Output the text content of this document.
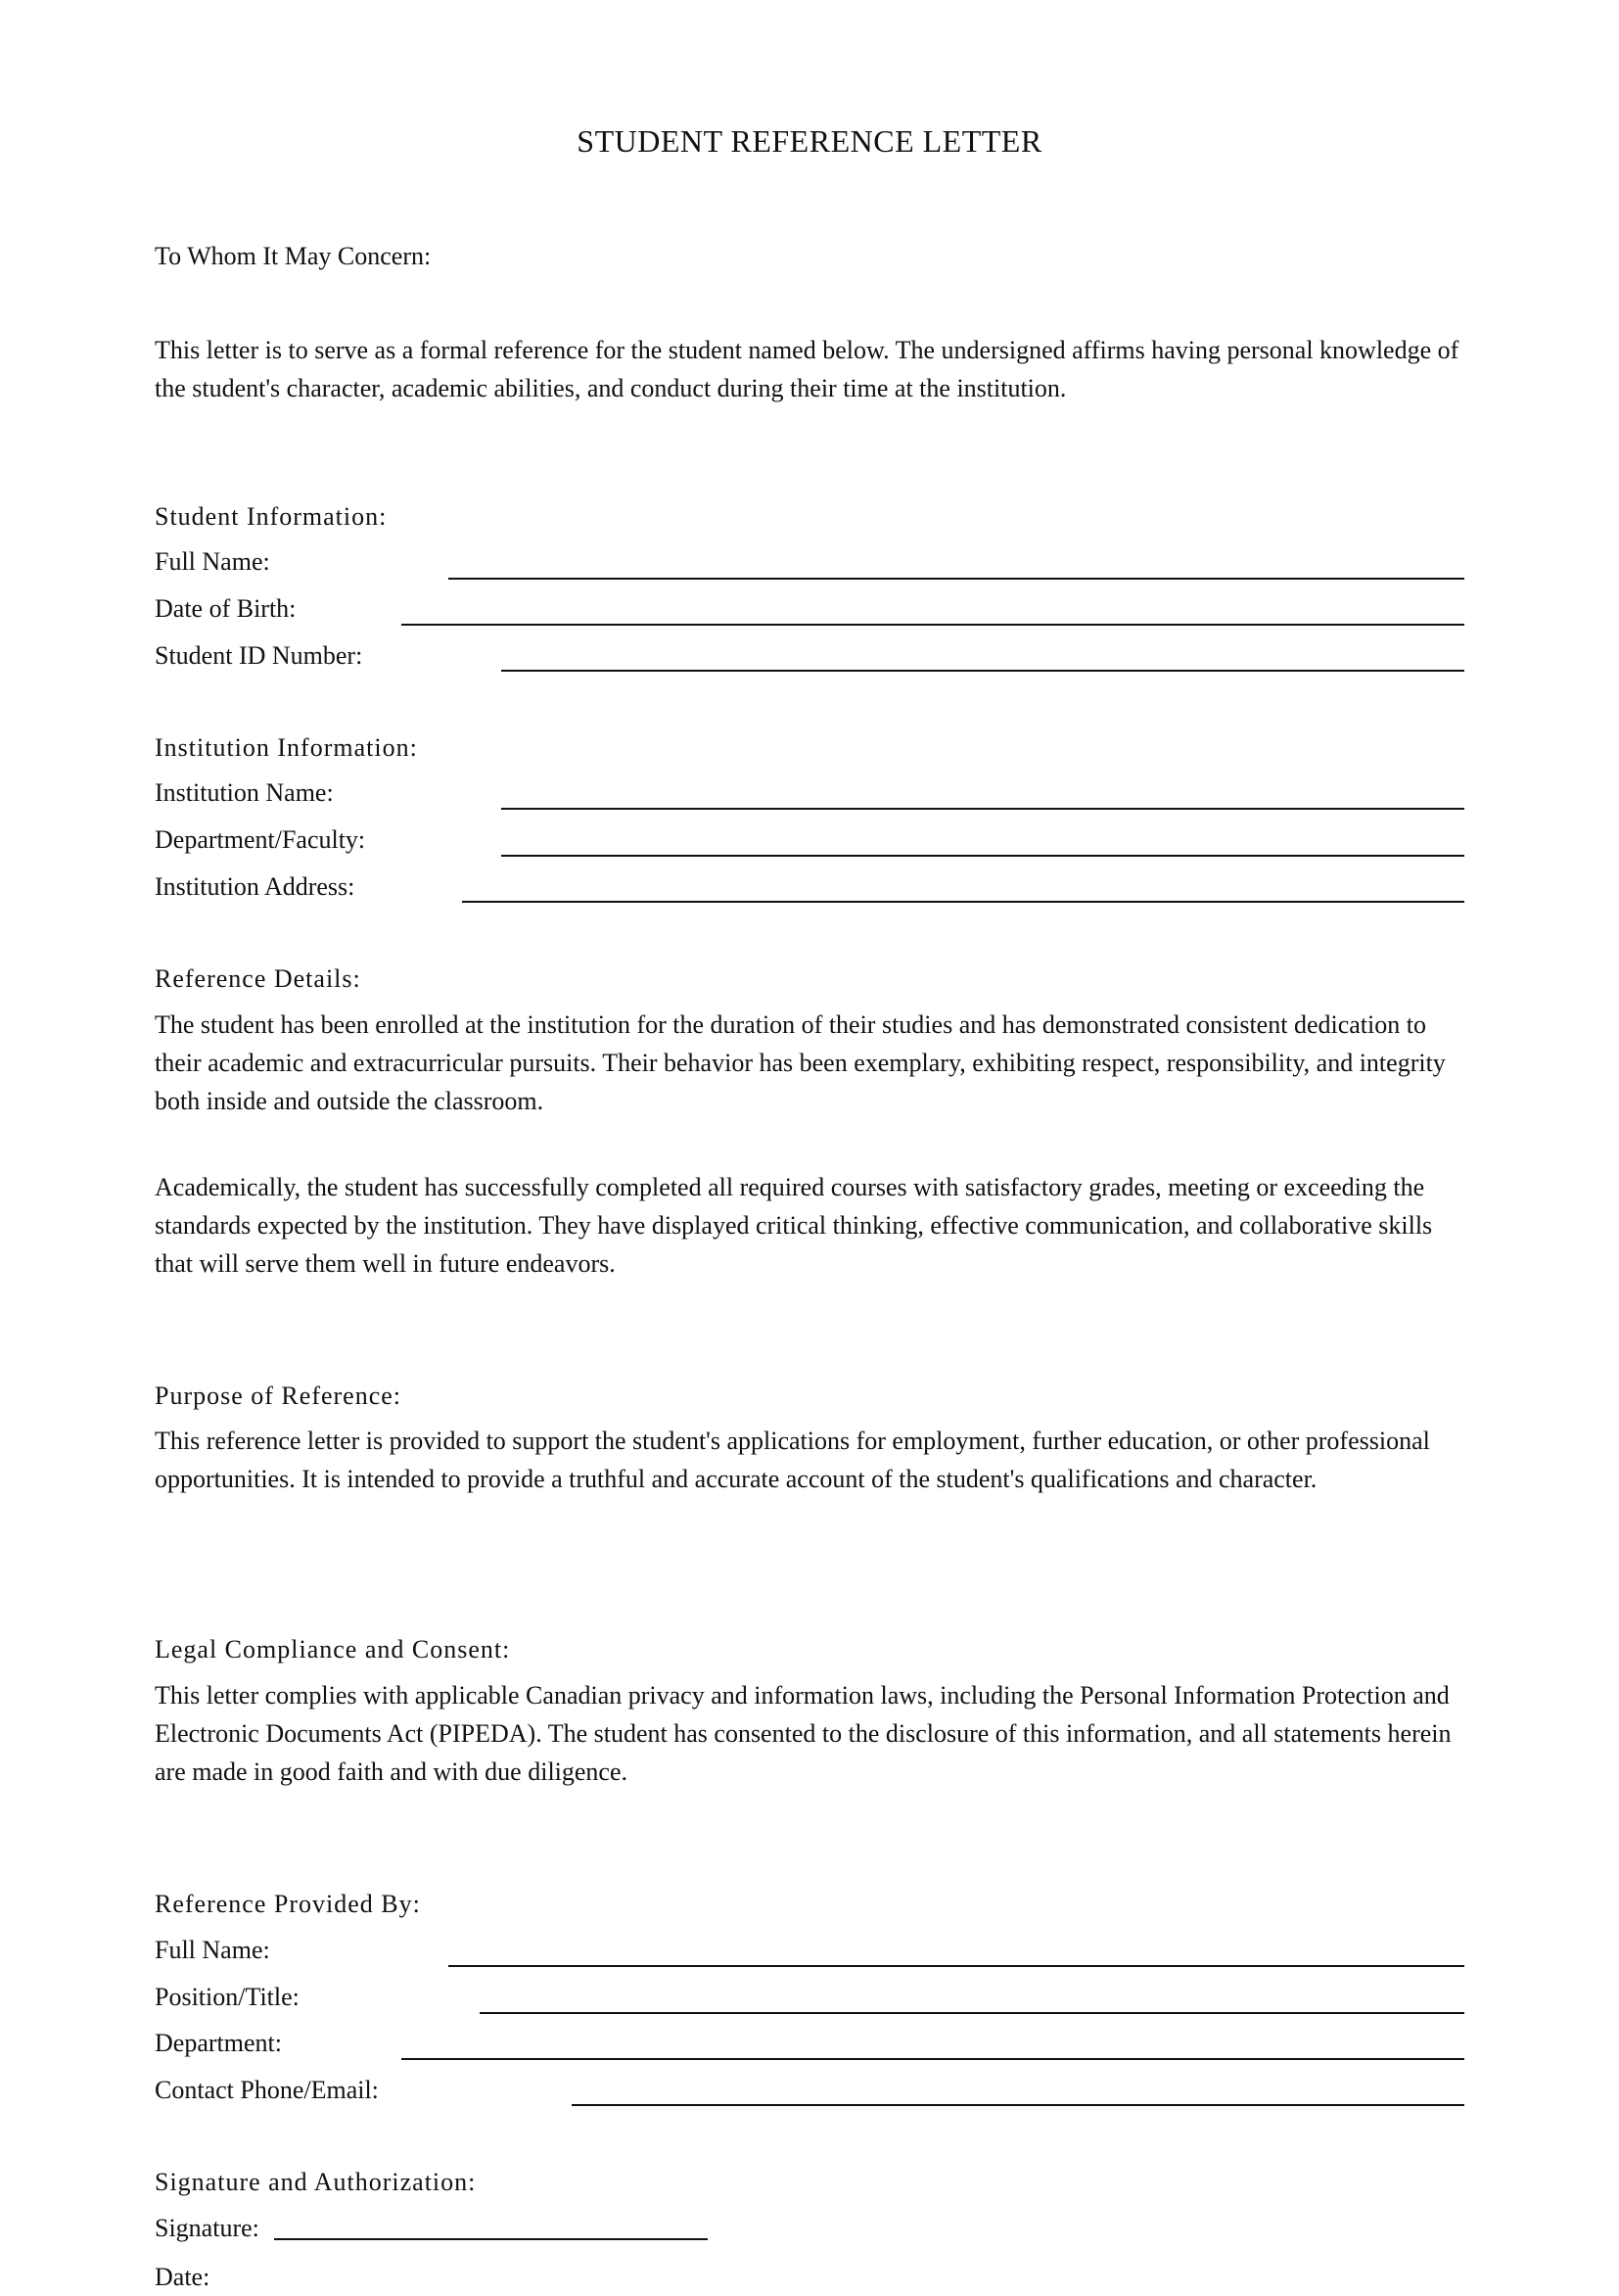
STUDENT REFERENCE LETTER

To Whom It May Concern:

This letter is to serve as a formal reference for the student named below. The undersigned affirms having personal knowledge of the student's character, academic abilities, and conduct during their time at the institution.

Student Information:

Full Name:

Date of Birth:

Student ID Number:

Institution Information:

Institution Name:

Department/Faculty:

Institution Address:

Reference Details:

The student has been enrolled at the institution for the duration of their studies and has demonstrated consistent dedication to their academic and extracurricular pursuits. Their behavior has been exemplary, exhibiting respect, responsibility, and integrity both inside and outside the classroom.

Academically, the student has successfully completed all required courses with satisfactory grades, meeting or exceeding the standards expected by the institution. They have displayed critical thinking, effective communication, and collaborative skills that will serve them well in future endeavors.

Purpose of Reference:

This reference letter is provided to support the student's applications for employment, further education, or other professional opportunities. It is intended to provide a truthful and accurate account of the student's qualifications and character.

Legal Compliance and Consent:

This letter complies with applicable Canadian privacy and information laws, including the Personal Information Protection and Electronic Documents Act (PIPEDA). The student has consented to the disclosure of this information, and all statements herein are made in good faith and with due diligence.

Reference Provided By:

Full Name:

Position/Title:

Department:

Contact Phone/Email:

Signature and Authorization:

Signature:

Date:
